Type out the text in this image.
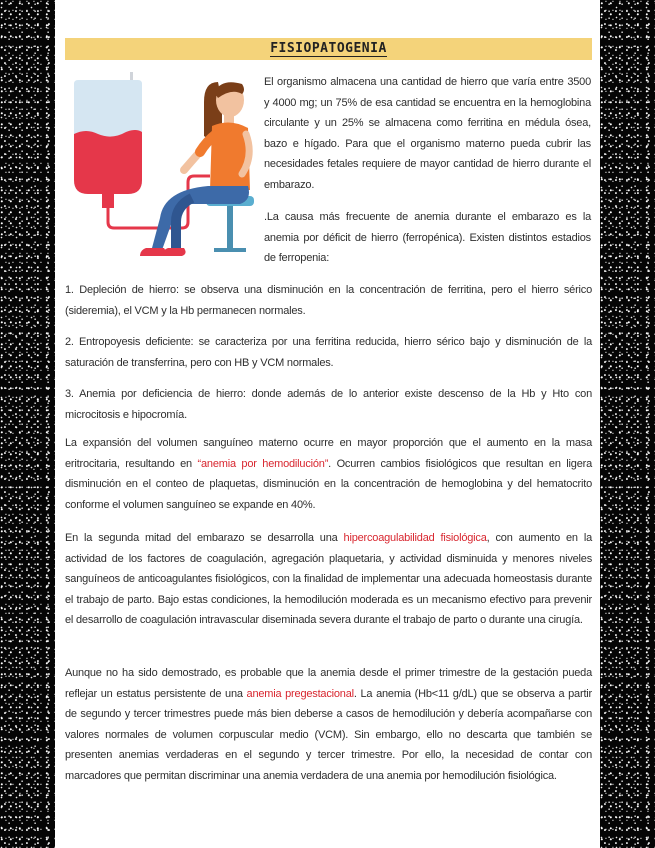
FISIOPATOGENIA

El organismo almacena una cantidad de hierro que varía entre 3500 y 4000 mg; un 75% de esa cantidad se encuentra en la hemoglobina circulante y un 25% se almacena como ferritina en médula ósea, bazo e hígado. Para que el organismo materno pueda cubrir las necesidades fetales requiere de mayor cantidad de hierro durante el embarazo.

.La causa más frecuente de anemia durante el embarazo es la anemia por déficit de hierro (ferropénica). Existen distintos estadios de ferropenia:

1. Depleción de hierro: se observa una disminución en la concentración de ferritina, pero el hierro sérico (sideremia), el VCM y la Hb permanecen normales.

2. Entropoyesis deficiente: se caracteriza por una ferritina reducida, hierro sérico bajo y disminución de la saturación de transferrina, pero con HB y VCM normales.

3. Anemia por deficiencia de hierro: donde además de lo anterior existe descenso de la Hb y Hto con microcitosis e hipocromía.

La expansión del volumen sanguíneo materno ocurre en mayor proporción que el aumento en la masa eritrocitaria, resultando en “anemia por hemodilución”. Ocurren cambios fisiológicos que resultan en ligera disminución en el conteo de plaquetas, disminución en la concentración de hemoglobina y del hematocrito conforme el volumen sanguíneo se expande en 40%.

En la segunda mitad del embarazo se desarrolla una hipercoagulabilidad fisiológica, con aumento en la actividad de los factores de coagulación, agregación plaquetaria, y actividad disminuida y menores niveles sanguíneos de anticoagulantes fisiológicos, con la finalidad de implementar una adecuada homeostasis durante el trabajo de parto. Bajo estas condiciones, la hemodilución moderada es un mecanismo efectivo para prevenir el desarrollo de coagulación intravascular diseminada severa durante el trabajo de parto o durante una cirugía.

Aunque no ha sido demostrado, es probable que la anemia desde el primer trimestre de la gestación pueda reflejar un estatus persistente de una anemia pregestacional. La anemia (Hb<11 g/dL) que se observa a partir de segundo y tercer trimestres puede más bien deberse a casos de hemodilución y debería acompañarse con valores normales de volumen corpuscular medio (VCM). Sin embargo, ello no descarta que también se presenten anemias verdaderas en el segundo y tercer trimestre. Por ello, la necesidad de contar con marcadores que permitan discriminar una anemia verdadera de una anemia por hemodilución fisiológica.
